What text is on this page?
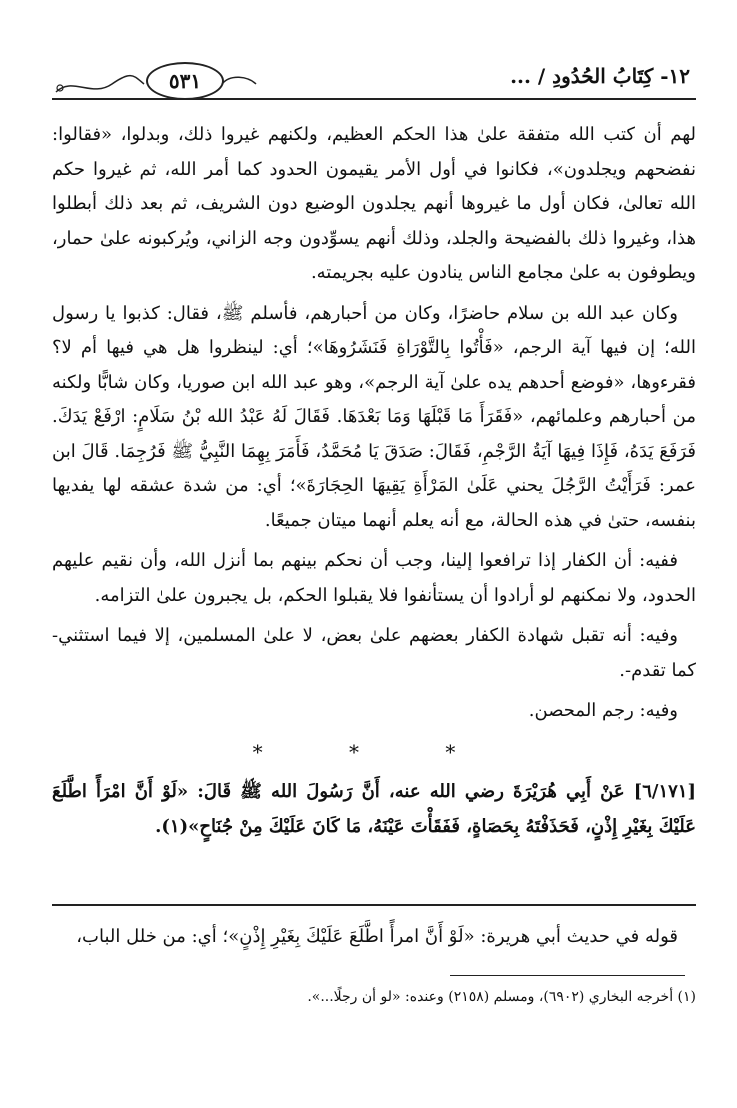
٥٣١	١٢- كِتَابُ الحُدُودِ / ...

لهم أن كتب الله متفقة علىٰ هذا الحكم العظيم، ولكنهم غيروا ذلك، وبدلوا، «فقالوا: نفضحهم ويجلدون»، فكانوا في أول الأمر يقيمون الحدود كما أمر الله، ثم غيروا حكم الله تعالىٰ، فكان أول ما غيروها أنهم يجلدون الوضيع دون الشريف، ثم بعد ذلك أبطلوا هذا، وغيروا ذلك بالفضيحة والجلد، وذلك أنهم يسوِّدون وجه الزاني، ويُركبونه علىٰ حمار، ويطوفون به علىٰ مجامع الناس ينادون عليه بجريمته.

وكان عبد الله بن سلام حاضرًا، وكان من أحبارهم، فأسلم ﷺ، فقال: كذبوا يا رسول الله؛ إن فيها آية الرجم، «فَأْتُوا بِالتَّوْرَاةِ فَنَشَرُوهَا»؛ أي: لينظروا هل هي فيها أم لا؟ فقرءوها، «فوضع أحدهم يده علىٰ آية الرجم»، وهو عبد الله ابن صوريا، وكان شابًّا ولكنه من أحبارهم وعلمائهم، «فَقَرَأَ مَا قَبْلَهَا وَمَا بَعْدَهَا. فَقَالَ لَهُ عَبْدُ الله بْنُ سَلَامٍ: ارْفَعْ يَدَكَ. فَرَفَعَ يَدَهُ، فَإِذَا فِيهَا آيَةُ الرَّجْمِ، فَقَالَ: صَدَقَ يَا مُحَمَّدُ، فَأَمَرَ بِهِمَا النَّبِيُّ ﷺ فَرُجِمَا. قَالَ ابن عمر: فَرَأَيْتُ الرَّجُلَ يحني عَلَىٰ المَرْأَةِ يَقِيهَا الحِجَارَةَ»؛ أي: من شدة عشقه لها يفديها بنفسه، حتىٰ في هذه الحالة، مع أنه يعلم أنهما ميتان جميعًا.

ففيه: أن الكفار إذا ترافعوا إلينا، وجب أن نحكم بينهم بما أنزل الله، وأن نقيم عليهم الحدود، ولا نمكنهم لو أرادوا أن يستأنفوا فلا يقبلوا الحكم، بل يجبرون علىٰ التزامه.

وفيه: أنه تقبل شهادة الكفار بعضهم علىٰ بعض، لا علىٰ المسلمين، إلا فيما استثني- كما تقدم-.

وفيه: رجم المحصن.

* * *

[٦/١٧١] عَنْ أَبِي هُرَيْرَةَ رضي الله عنه، أَنَّ رَسُولَ الله ﷺ قَالَ: «لَوْ أَنَّ امْرَأً اطَّلَعَ عَلَيْكَ بِغَيْرِ إِذْنٍ، فَحَذَفْتَهُ بِحَصَاةٍ، فَفَقَأْتَ عَيْنَهُ، مَا كَانَ عَلَيْكَ مِنْ جُنَاحٍ»(١).

قوله في حديث أبي هريرة: «لَوْ أَنَّ امرأً اطَّلَعَ عَلَيْكَ بِغَيْرِ إِذْنٍ»؛ أي: من خلل الباب،

(١) أخرجه البخاري (٦٩٠٢)، ومسلم (٢١٥٨) وعنده: «لو أن رجلًا...».
